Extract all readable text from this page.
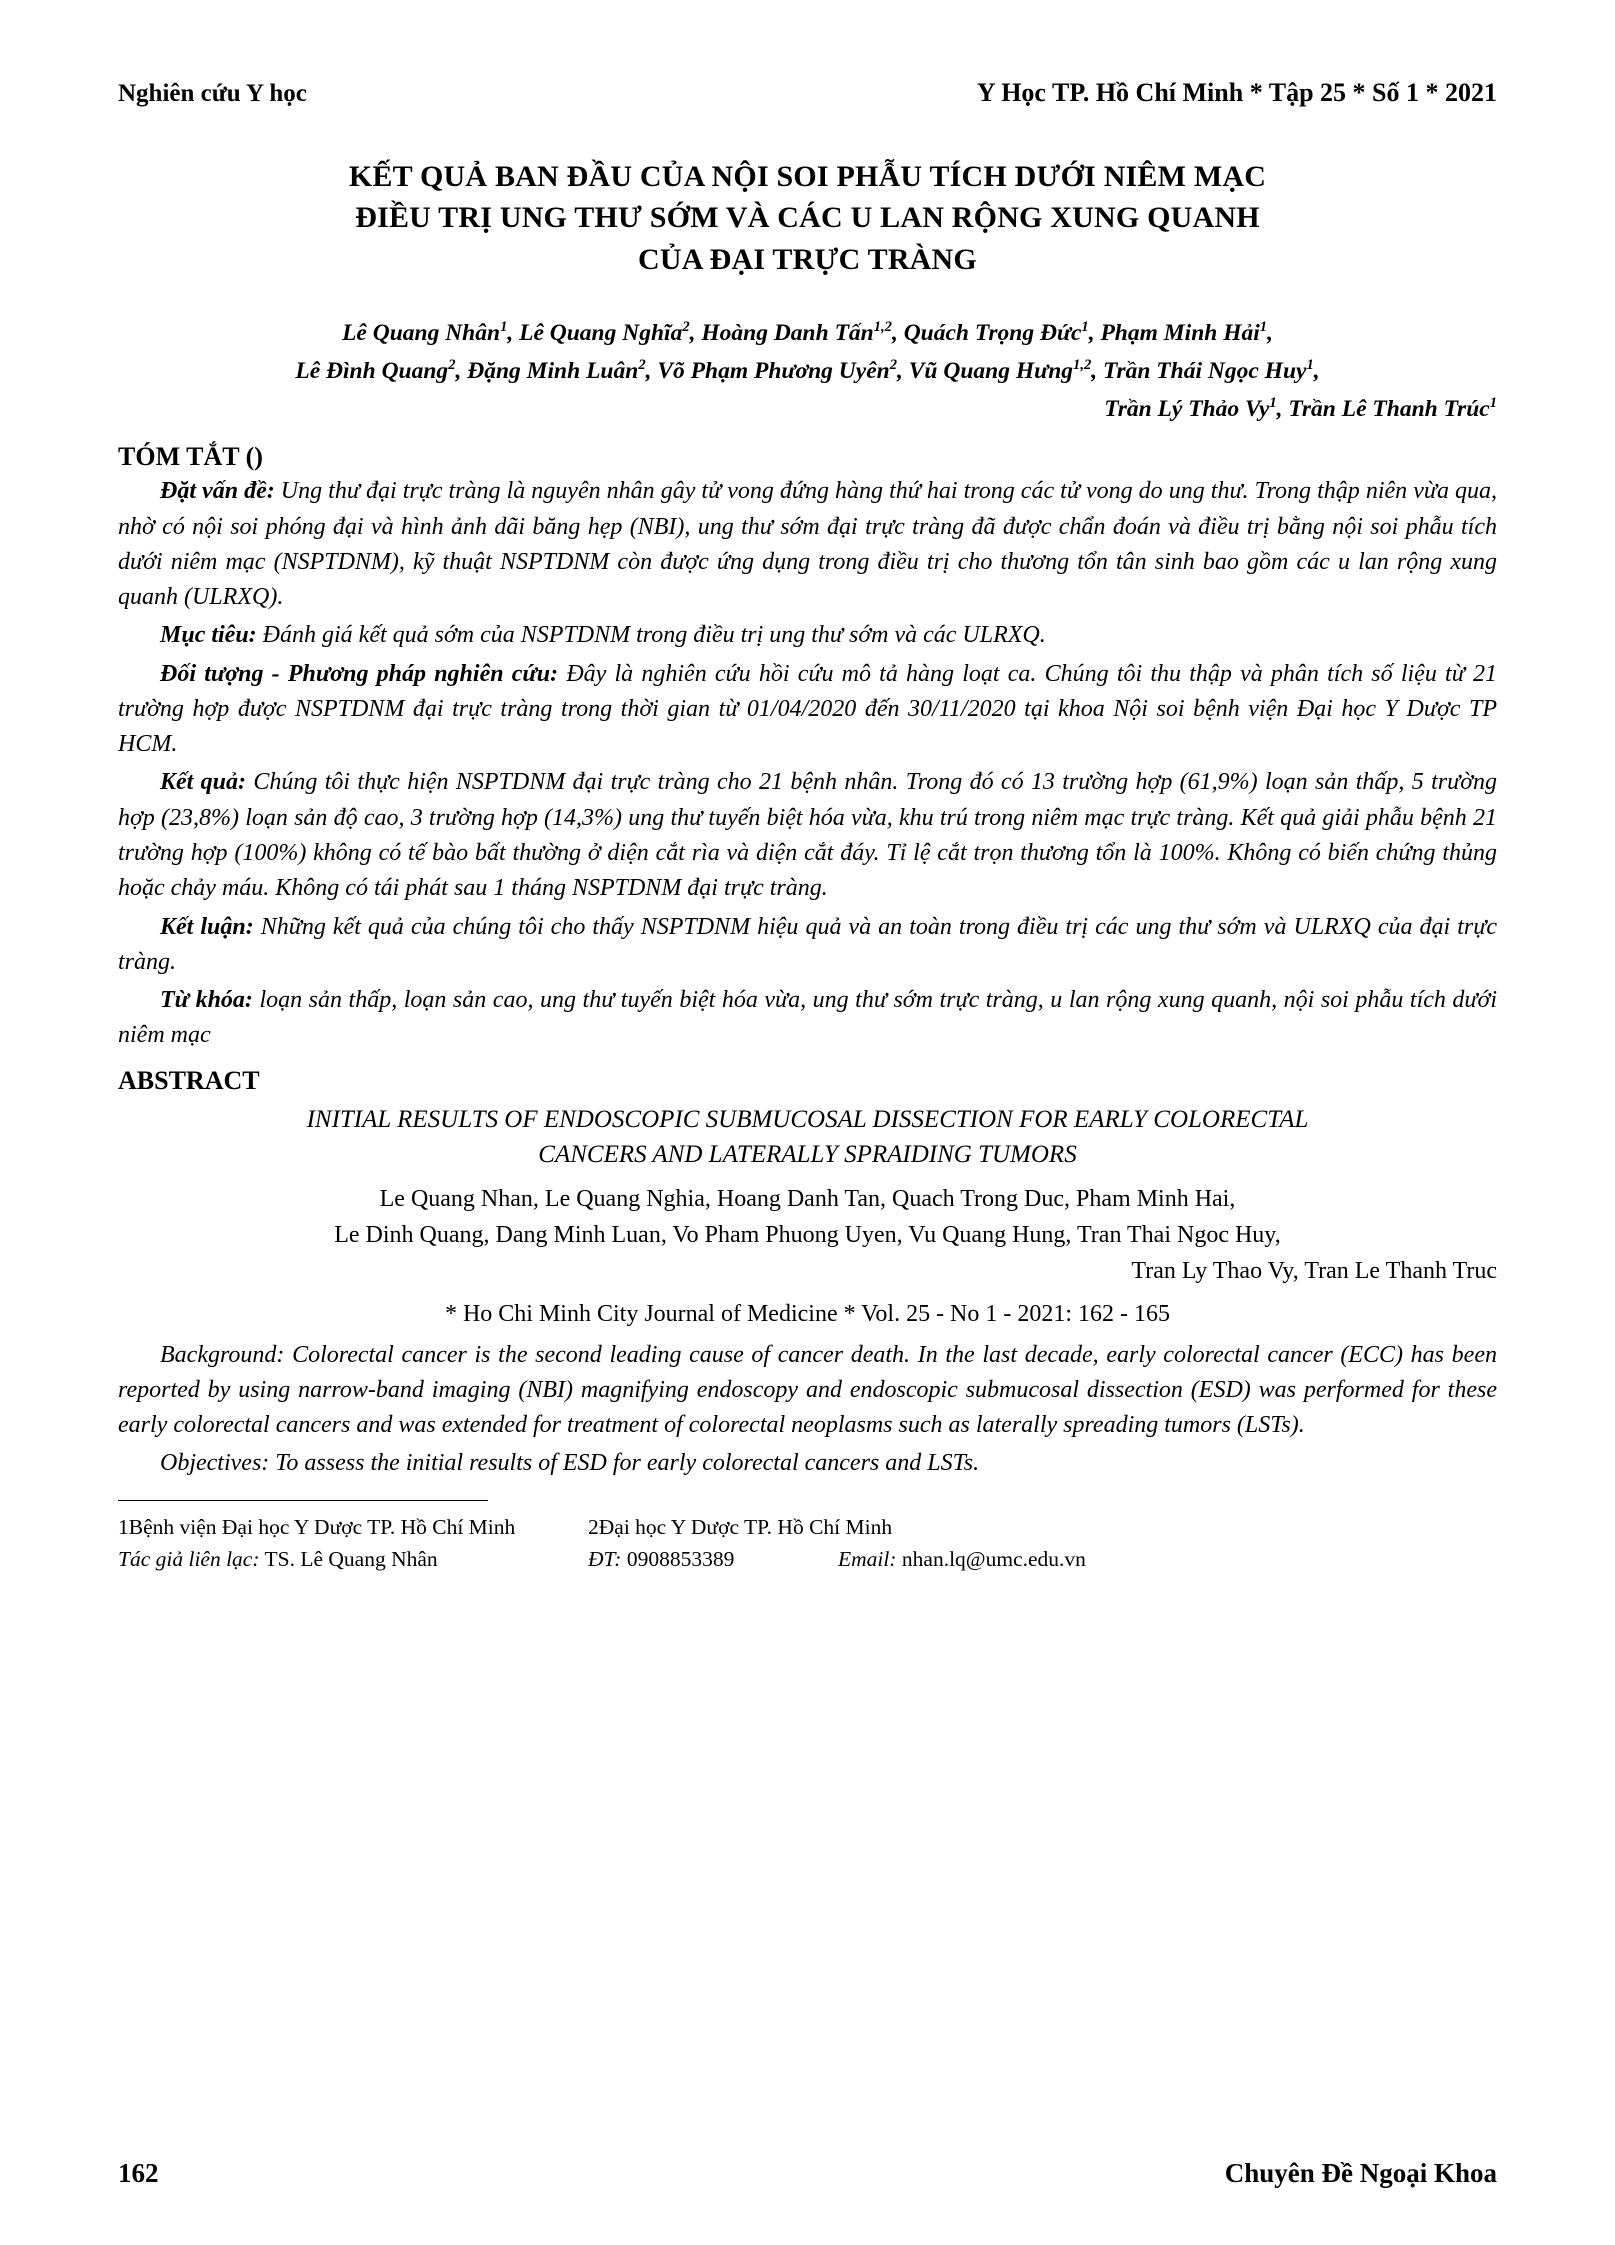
Nghiên cứu Y học	Y Học TP. Hồ Chí Minh * Tập 25 * Số 1 * 2021
KẾT QUẢ BAN ĐẦU CỦA NỘI SOI PHẪU TÍCH DƯỚI NIÊM MẠC
ĐIỀU TRỊ UNG THƯ SỚM VÀ CÁC U LAN RỘNG XUNG QUANH
CỦA ĐẠI TRỰC TRÀNG
Lê Quang Nhân$^1$, Lê Quang Nghĩa$^2$, Hoàng Danh Tấn$^{1,2}$, Quách Trọng Đức$^1$, Phạm Minh Hải$^1$,
Lê Đình Quang$^2$, Đặng Minh Luân$^2$, Võ Phạm Phương Uyên$^2$, Vũ Quang Hưng$^{1,2}$, Trần Thái Ngọc Huy$^1$,
Trần Lý Thảo Vy$^1$, Trần Lê Thanh Trúc$^1$
TÓM TẮT ()

Đặt vấn đề: Ung thư đại trực tràng là nguyên nhân gây tử vong đứng hàng thứ hai trong các tử vong do ung thư. Trong thập niên vừa qua, nhờ có nội soi phóng đại và hình ảnh dãi băng hẹp (NBI), ung thư sớm đại trực tràng đã được chẩn đoán và điều trị bằng nội soi phẫu tích dưới niêm mạc (NSPTDNM), kỹ thuật NSPTDNM còn được ứng dụng trong điều trị cho thương tổn tân sinh bao gồm các u lan rộng xung quanh (ULRXQ).

Mục tiêu: Đánh giá kết quả sớm của NSPTDNM trong điều trị ung thư sớm và các ULRXQ.

Đối tượng - Phương pháp nghiên cứu: Đây là nghiên cứu hồi cứu mô tả hàng loạt ca. Chúng tôi thu thập và phân tích số liệu từ 21 trường hợp được NSPTDNM đại trực tràng trong thời gian từ 01/04/2020 đến 30/11/2020 tại khoa Nội soi bệnh viện Đại học Y Dược TP HCM.

Kết quả: Chúng tôi thực hiện NSPTDNM đại trực tràng cho 21 bệnh nhân. Trong đó có 13 trường hợp (61,9%) loạn sản thấp, 5 trường hợp (23,8%) loạn sản độ cao, 3 trường hợp (14,3%) ung thư tuyến biệt hóa vừa, khu trú trong niêm mạc trực tràng. Kết quả giải phẫu bệnh 21 trường hợp (100%) không có tế bào bất thường ở diện cắt rìa và diện cắt đáy. Tỉ lệ cắt trọn thương tổn là 100%. Không có biến chứng thủng hoặc chảy máu. Không có tái phát sau 1 tháng NSPTDNM đại trực tràng.

Kết luận: Những kết quả của chúng tôi cho thấy NSPTDNM hiệu quả và an toàn trong điều trị các ung thư sớm và ULRXQ của đại trực tràng.

Từ khóa: loạn sản thấp, loạn sản cao, ung thư tuyến biệt hóa vừa, ung thư sớm trực tràng, u lan rộng xung quanh, nội soi phẫu tích dưới niêm mạc

ABSTRACT
INITIAL RESULTS OF ENDOSCOPIC SUBMUCOSAL DISSECTION FOR EARLY COLORECTAL
CANCERS AND LATERALLY SPRAIDING TUMORS
Le Quang Nhan, Le Quang Nghia, Hoang Danh Tan, Quach Trong Duc, Pham Minh Hai,
Le Dinh Quang, Dang Minh Luan, Vo Pham Phuong Uyen, Vu Quang Hung, Tran Thai Ngoc Huy,
Tran Ly Thao Vy, Tran Le Thanh Truc
* Ho Chi Minh City Journal of Medicine * Vol. 25 - No 1 - 2021: 162 - 165

Background: Colorectal cancer is the second leading cause of cancer death. In the last decade, early colorectal cancer (ECC) has been reported by using narrow-band imaging (NBI) magnifying endoscopy and endoscopic submucosal dissection (ESD) was performed for these early colorectal cancers and was extended for treatment of colorectal neoplasms such as laterally spreading tumors (LSTs).

Objectives: To assess the initial results of ESD for early colorectal cancers and LSTs.

1Bệnh viện Đại học Y Dược TP. Hồ Chí Minh	2Đại học Y Dược TP. Hồ Chí Minh
Tác giả liên lạc: TS. Lê Quang Nhân	ĐT: 0908853389	Email: nhan.lq@umc.edu.vn
162	Chuyên Đề Ngoại Khoa
